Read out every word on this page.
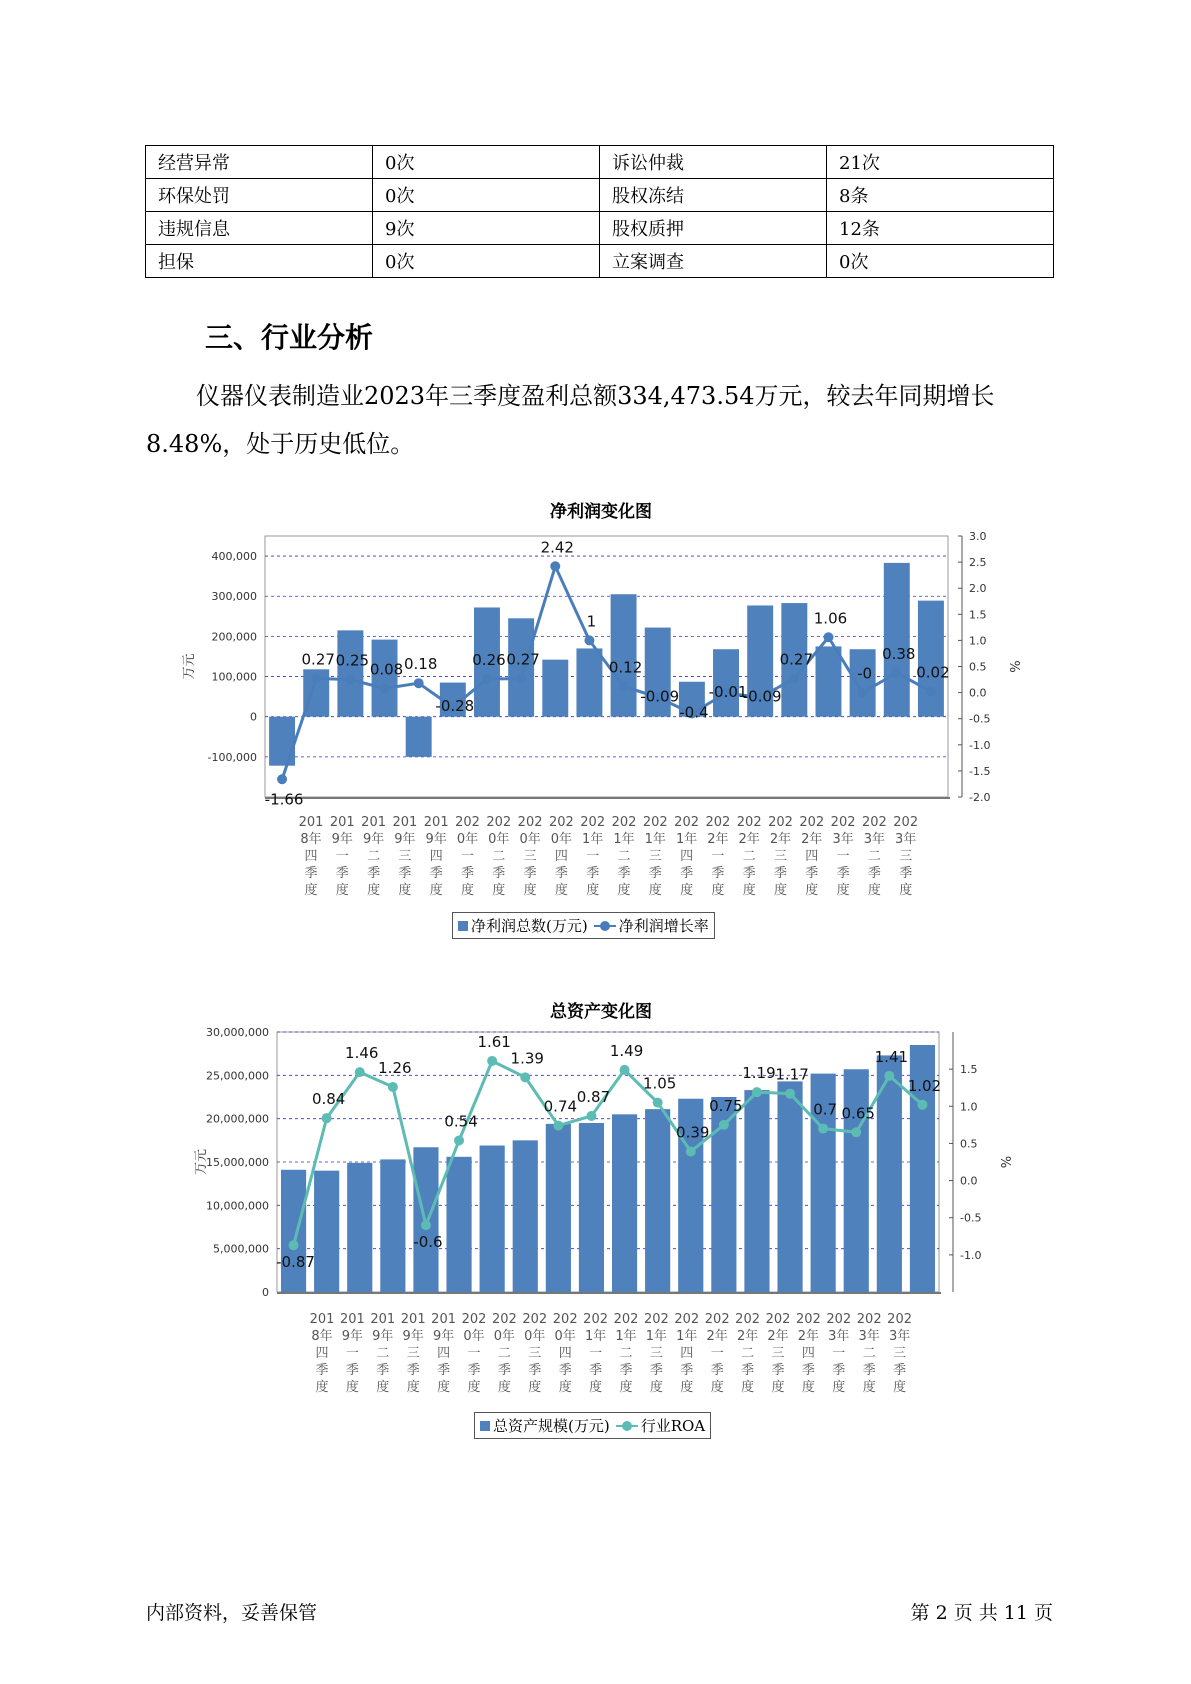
经营异常	0次	诉讼仲裁	21次
环保处罚	0次	股权冻结	8条
违规信息	9次	股权质押	12条
担保	0次	立案调查	0次
三、行业分析

仪器仪表制造业2023年三季度盈利总额334,473.54万元，较去年同期增长8.48%，处于历史低位。

净利润变化图
400,000
300,000
200,000
100,000
0
-100,000
3.0
2.5
2.0
1.5
1.0
0.5
0.0
-0.5
-1.0
-1.5
-2.0
万元	%
-1.66
0.27 0.25 0.08 0.18
-0.28
0.26 0.27
2.42
1
0.12
-0.09
-0.4
-0.01
-0.09
0.27
1.06
-0
0.38
0.02
201
8年
四
季
度
201
9年
一
季
度
201
9年
二
季
度
201
9年
三
季
度
201
9年
四
季
度
202
0年
一
季
度
202
0年
二
季
度
202
0年
三
季
度
202
0年
四
季
度
202
1年
一
季
度
202
1年
二
季
度
202
1年
三
季
度
202
1年
四
季
度
202
2年
一
季
度
202
2年
二
季
度
202
2年
三
季
度
202
2年
四
季
度
202
3年
一
季
度
202
3年
二
季
度
202
3年
三
季
度
净利润总数(万元) 净利润增长率
总资产变化图
30,000,000
25,000,000
20,000,000
15,000,000
10,000,000
5,000,000
0
1.5
1.0
0.5
0.0
-0.5
-1.0
万元	%
-0.87
0.84
1.46
1.26
-0.6
0.54
1.61
1.39
0.74
0.87
1.49
1.05
0.39
0.75
1.19 1.17
0.7 0.65
1.41
1.02
201
8年
四
季
度
201
9年
一
季
度
201
9年
二
季
度
201
9年
三
季
度
201
9年
四
季
度
202
0年
一
季
度
202
0年
二
季
度
202
0年
三
季
度
202
0年
四
季
度
202
1年
一
季
度
202
1年
二
季
度
202
1年
三
季
度
202
1年
四
季
度
202
2年
一
季
度
202
2年
二
季
度
202
2年
三
季
度
202
2年
四
季
度
202
3年
一
季
度
202
3年
二
季
度
202
3年
三
季
度
总资产规模(万元) 行业ROA
内部资料，妥善保管	第 2 页 共 11 页
